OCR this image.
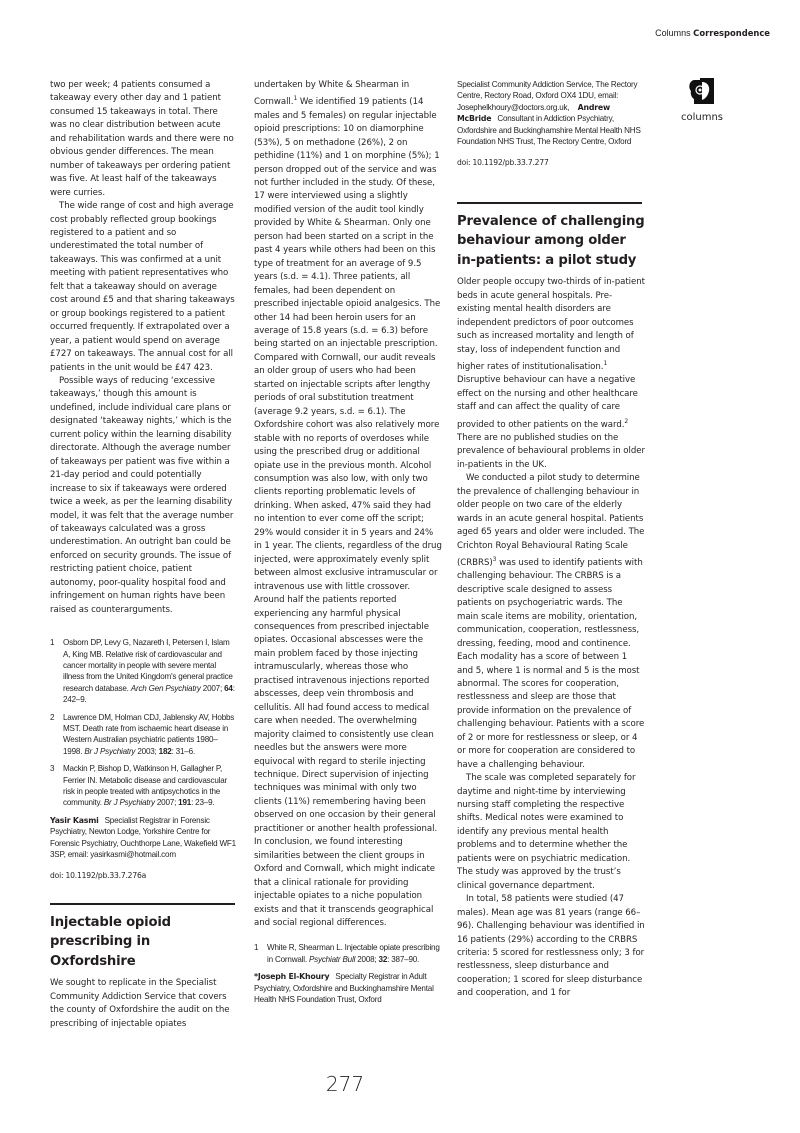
Columns Correspondence
columns

two per week; 4 patients consumed a takeaway every other day and 1 patient consumed 15 takeaways in total. There was no clear distribution between acute and rehabilitation wards and there were no obvious gender differences. The mean number of takeaways per ordering patient was five. At least half of the takeaways were curries.

The wide range of cost and high average cost probably reflected group bookings registered to a patient and so underestimated the total number of takeaways. This was confirmed at a unit meeting with patient representatives who felt that a takeaway should on average cost around £5 and that sharing takeaways or group bookings registered to a patient occurred frequently. If extrapolated over a year, a patient would spend on average £727 on takeaways. The annual cost for all patients in the unit would be £47 423.

Possible ways of reducing ‘excessive takeaways,’ though this amount is undefined, include individual care plans or designated ‘takeaway nights,’ which is the current policy within the learning disability directorate. Although the average number of takeaways per patient was five within a 21-day period and could potentially increase to six if takeaways were ordered twice a week, as per the learning disability model, it was felt that the average number of takeaways calculated was a gross underestimation. An outright ban could be enforced on security grounds. The issue of restricting patient choice, patient autonomy, poor-quality hospital food and infringement on human rights have been raised as counterarguments.

1 Osborn DP, Levy G, Nazareth I, Petersen I, Islam A, King MB. Relative risk of cardiovascular and cancer mortality in people with severe mental illness from the United Kingdom's general practice research database. Arch Gen Psychiatry 2007; 64: 242–9.

2 Lawrence DM, Holman CDJ, Jablensky AV, Hobbs MST. Death rate from ischaemic heart disease in Western Australian psychiatric patients 1980–1998. Br J Psychiatry 2003; 182: 31–6.

3 Mackin P, Bishop D, Watkinson H, Gallagher P, Ferrier IN. Metabolic disease and cardiovascular risk in people treated with antipsychotics in the community. Br J Psychiatry 2007; 191: 23–9.

Yasir Kasmi Specialist Registrar in Forensic Psychiatry, Newton Lodge, Yorkshire Centre for Forensic Psychiatry, Ouchthorpe Lane, Wakefield WF1 3SP, email: yasirkasmi@hotmail.com

doi: 10.1192/pb.33.7.276a

Injectable opioid prescribing in Oxfordshire

We sought to replicate in the Specialist Community Addiction Service that covers the county of Oxfordshire the audit on the prescribing of injectable opiates

undertaken by White & Shearman in Cornwall.$^1$ We identified 19 patients (14 males and 5 females) on regular injectable opioid prescriptions: 10 on diamorphine (53%), 5 on methadone (26%), 2 on pethidine (11%) and 1 on morphine (5%); 1 person dropped out of the service and was not further included in the study. Of these, 17 were interviewed using a slightly modified version of the audit tool kindly provided by White & Shearman. Only one person had been started on a script in the past 4 years while others had been on this type of treatment for an average of 9.5 years (s.d. = 4.1). Three patients, all females, had been dependent on prescribed injectable opioid analgesics. The other 14 had been heroin users for an average of 15.8 years (s.d. = 6.3) before being started on an injectable prescription. Compared with Cornwall, our audit reveals an older group of users who had been started on injectable scripts after lengthy periods of oral substitution treatment (average 9.2 years, s.d. = 6.1). The Oxfordshire cohort was also relatively more stable with no reports of overdoses while using the prescribed drug or additional opiate use in the previous month. Alcohol consumption was also low, with only two clients reporting problematic levels of drinking. When asked, 47% said they had no intention to ever come off the script; 29% would consider it in 5 years and 24% in 1 year. The clients, regardless of the drug injected, were approximately evenly split between almost exclusive intramuscular or intravenous use with little crossover. Around half the patients reported experiencing any harmful physical consequences from prescribed injectable opiates. Occasional abscesses were the main problem faced by those injecting intramuscularly, whereas those who practised intravenous injections reported abscesses, deep vein thrombosis and cellulitis. All had found access to medical care when needed. The overwhelming majority claimed to consistently use clean needles but the answers were more equivocal with regard to sterile injecting technique. Direct supervision of injecting techniques was minimal with only two clients (11%) remembering having been observed on one occasion by their general practitioner or another health professional. In conclusion, we found interesting similarities between the client groups in Oxford and Cornwall, which might indicate that a clinical rationale for providing injectable opiates to a niche population exists and that it transcends geographical and social regional differences.

1 White R, Shearman L. Injectable opiate prescribing in Cornwall. Psychiatr Bull 2008; 32: 387–90.

*Joseph El-Khoury Specialty Registrar in Adult Psychiatry, Oxfordshire and Buckinghamshire Mental Health NHS Foundation Trust, Oxford

Specialist Community Addiction Service, The Rectory Centre, Rectory Road, Oxford OX4 1DU, email: Josephelkhoury@doctors.org.uk, Andrew McBride Consultant in Addiction Psychiatry, Oxfordshire and Buckinghamshire Mental Health NHS Foundation NHS Trust, The Rectory Centre, Oxford

doi: 10.1192/pb.33.7.277

Prevalence of challenging behaviour among older in-patients: a pilot study

Older people occupy two-thirds of in-patient beds in acute general hospitals. Pre-existing mental health disorders are independent predictors of poor outcomes such as increased mortality and length of stay, loss of independent function and higher rates of institutionalisation.$^1$ Disruptive behaviour can have a negative effect on the nursing and other healthcare staff and can affect the quality of care provided to other patients on the ward.$^2$ There are no published studies on the prevalence of behavioural problems in older in-patients in the UK.

We conducted a pilot study to determine the prevalence of challenging behaviour in older people on two care of the elderly wards in an acute general hospital. Patients aged 65 years and older were included. The Crichton Royal Behavioural Rating Scale (CRBRS)$^3$ was used to identify patients with challenging behaviour. The CRBRS is a descriptive scale designed to assess patients on psychogeriatric wards. The main scale items are mobility, orientation, communication, cooperation, restlessness, dressing, feeding, mood and continence. Each modality has a score of between 1 and 5, where 1 is normal and 5 is the most abnormal. The scores for cooperation, restlessness and sleep are those that provide information on the prevalence of challenging behaviour. Patients with a score of 2 or more for restlessness or sleep, or 4 or more for cooperation are considered to have a challenging behaviour.

The scale was completed separately for daytime and night-time by interviewing nursing staff completing the respective shifts. Medical notes were examined to identify any previous mental health problems and to determine whether the patients were on psychiatric medication. The study was approved by the trust’s clinical governance department.

In total, 58 patients were studied (47 males). Mean age was 81 years (range 66–96). Challenging behaviour was identified in 16 patients (29%) according to the CRBRS criteria: 5 scored for restlessness only; 3 for restlessness, sleep disturbance and cooperation; 1 scored for sleep disturbance and cooperation, and 1 for

277
